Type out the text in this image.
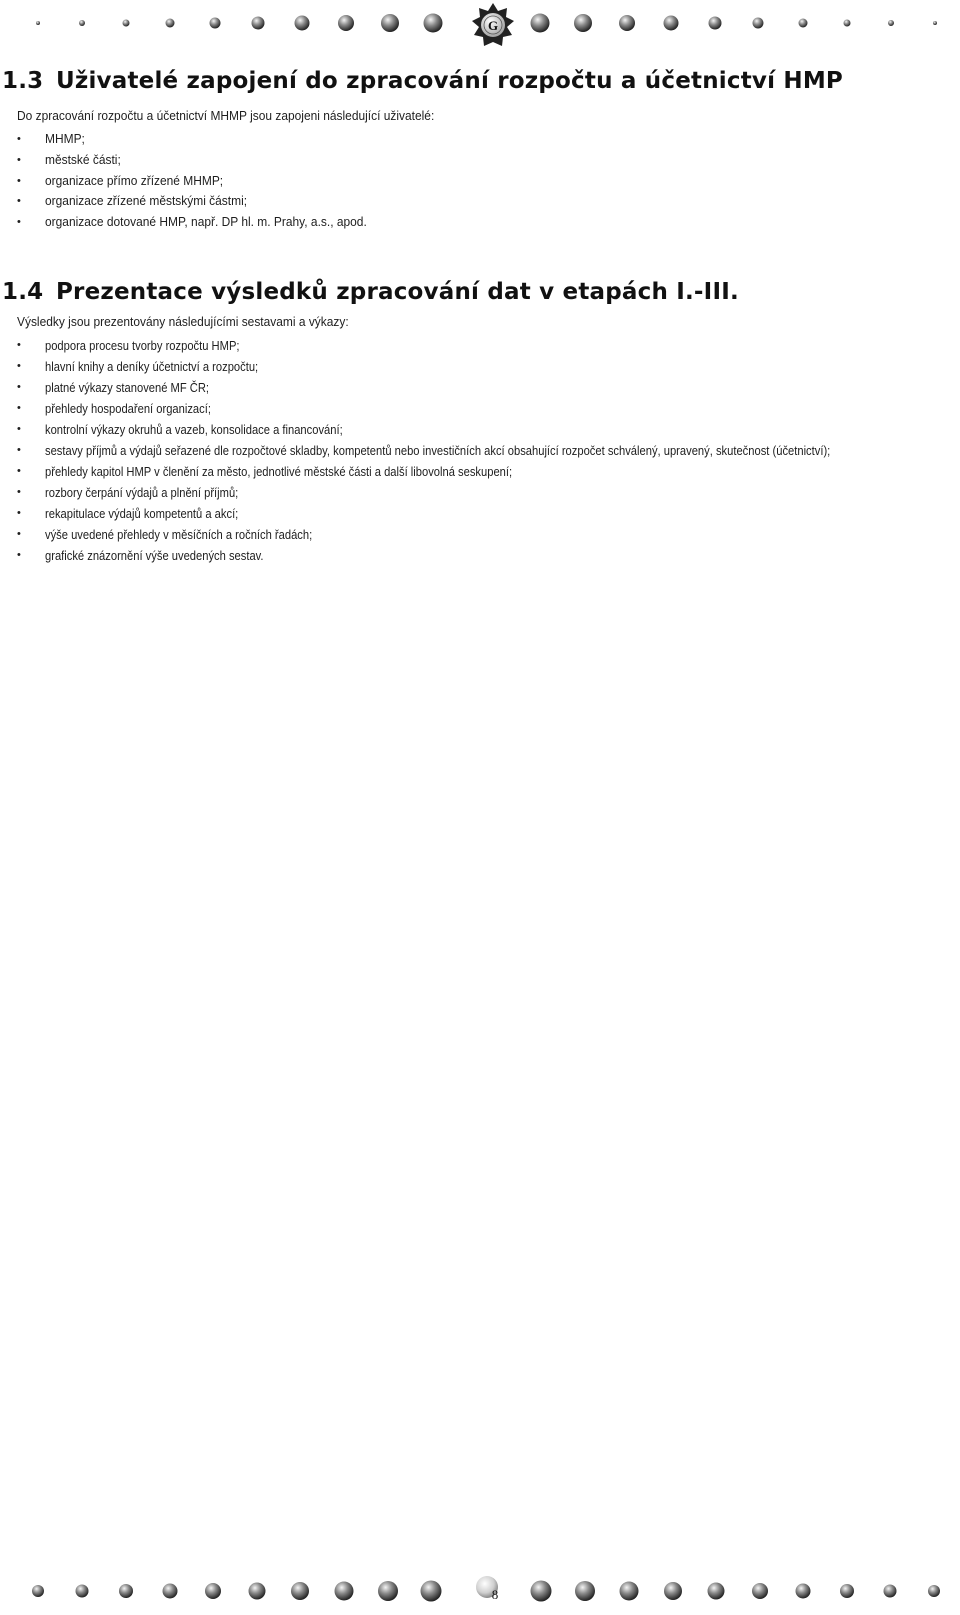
G
1.3 Uživatelé zapojení do zpracování rozpočtu a účetnictví HMP

Do zpracování rozpočtu a účetnictví MHMP jsou zapojeni následující uživatelé:

• MHMP;
• městské části;
• organizace přímo zřízené MHMP;
• organizace zřízené městskými částmi;
• organizace dotované HMP, např. DP hl. m. Prahy, a.s., apod.
1.4 Prezentace výsledků zpracování dat v etapách I.-III.

Výsledky jsou prezentovány následujícími sestavami a výkazy:

• podpora procesu tvorby rozpočtu HMP;
• hlavní knihy a deníky účetnictví a rozpočtu;
• platné výkazy stanovené MF ČR;
• přehledy hospodaření organizací;
• kontrolní výkazy okruhů a vazeb, konsolidace a financování;
• sestavy příjmů a výdajů seřazené dle rozpočtové skladby, kompetentů nebo investičních akcí obsahující rozpočet schválený, upravený, skutečnost (účetnictví);
• přehledy kapitol HMP v členění za město, jednotlivé městské části a další libovolná seskupení;
• rozbory čerpání výdajů a plnění příjmů;
• rekapitulace výdajů kompetentů a akcí;
• výše uvedené přehledy v měsíčních a ročních řadách;
• grafické znázornění výše uvedených sestav.
8
